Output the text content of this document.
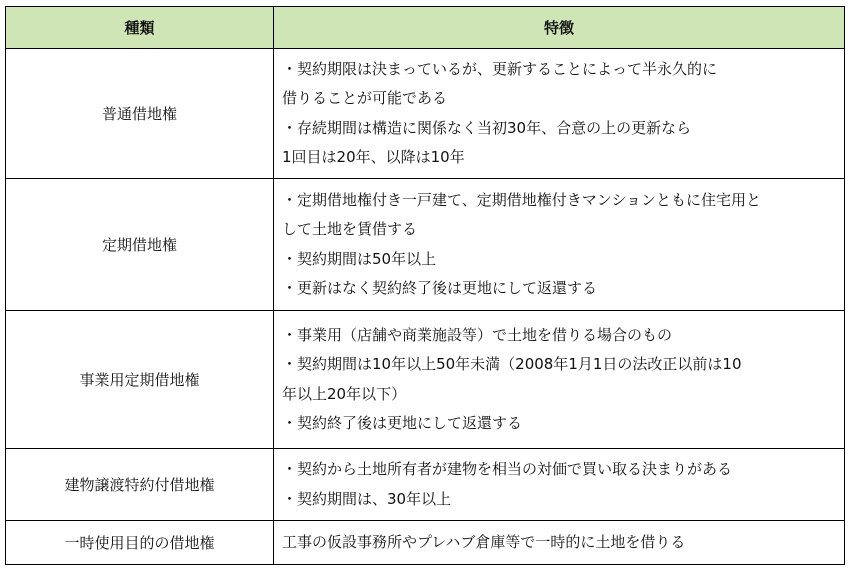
種類	特徴
普通借地権	・契約期限は決まっているが、更新することによって半永久的に
借りることが可能である
・存続期間は構造に関係なく当初30年、合意の上の更新なら
1回目は20年、以降は10年

定期借地権	・定期借地権付き一戸建て、定期借地権付きマンションともに住宅用と
して土地を賃借する
・契約期間は50年以上
・更新はなく契約終了後は更地にして返還する

事業用定期借地権	・事業用（店舗や商業施設等）で土地を借りる場合のもの
・契約期間は10年以上50年未満（2008年1月1日の法改正以前は10
年以上20年以下）
・契約終了後は更地にして返還する

建物譲渡特約付借地権	・契約から土地所有者が建物を相当の対価で買い取る決まりがある
・契約期間は、30年以上

一時使用目的の借地権	工事の仮設事務所やプレハブ倉庫等で一時的に土地を借りる
